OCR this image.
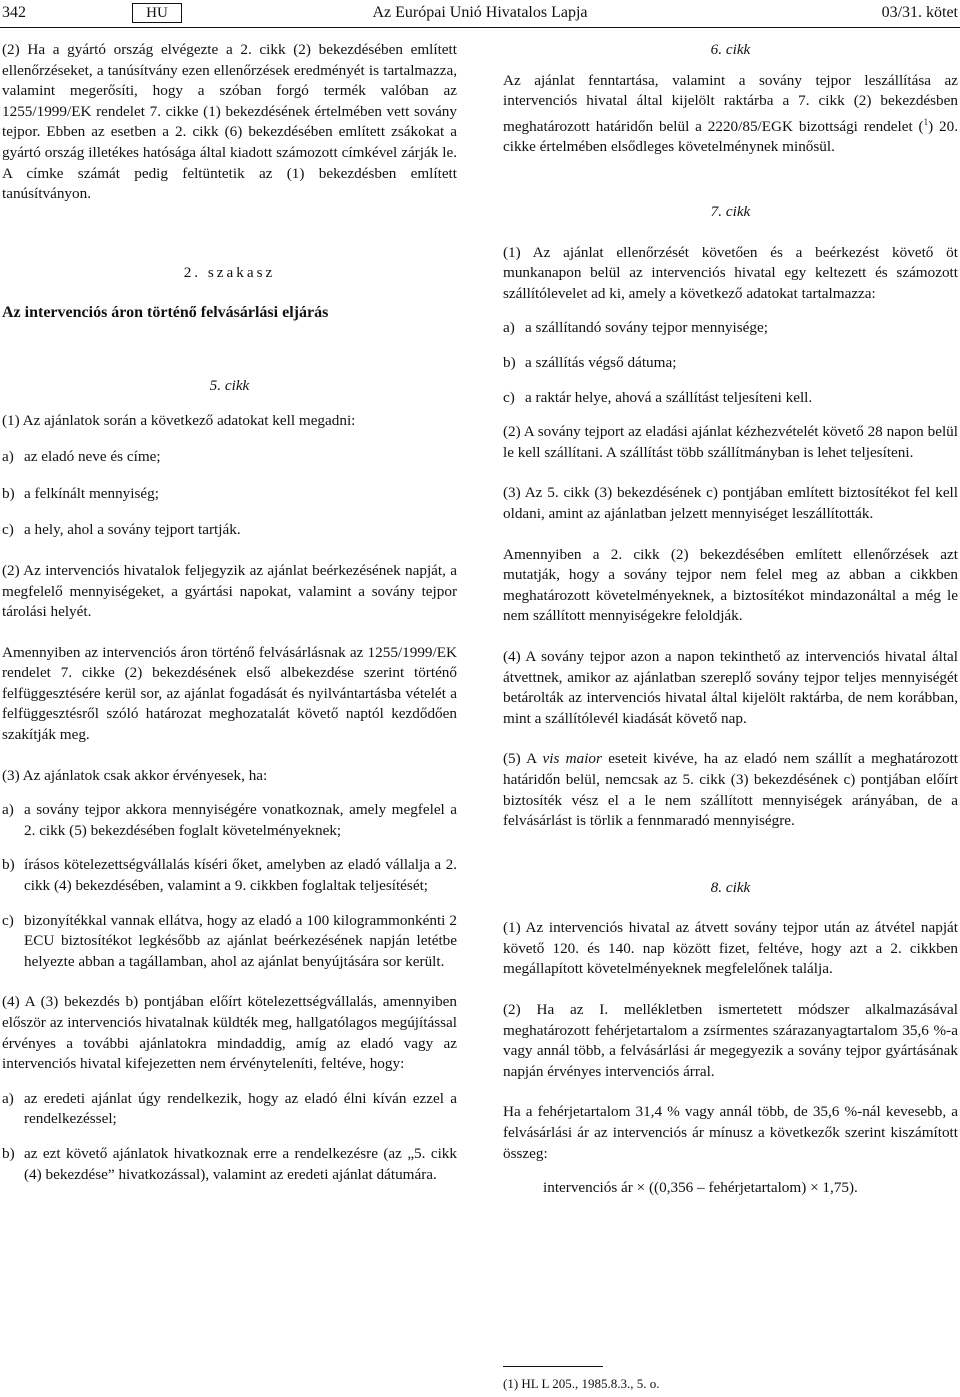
342	HU	Az Európai Unió Hivatalos Lapja	03/31. kötet

(2) Ha a gyártó ország elvégezte a 2. cikk (2) bekezdésében említett ellenőrzéseket, a tanúsítvány ezen ellenőrzések eredményét is tartalmazza, valamint megerősíti, hogy a szóban forgó termék valóban az 1255/1999/EK rendelet 7. cikke (1) bekezdésének értelmében vett sovány tejpor. Ebben az esetben a 2. cikk (6) bekezdésében említett zsákokat a gyártó ország illetékes hatósága által kiadott számozott címkével zárják le. A címke számát pedig feltüntetik az (1) bekezdésben említett tanúsítványon.

2. szakasz

Az intervenciós áron történő felvásárlási eljárás

5. cikk

(1) Az ajánlatok során a következő adatokat kell megadni:

a) az eladó neve és címe;
b) a felkínált mennyiség;
c) a hely, ahol a sovány tejport tartják.

(2) Az intervenciós hivatalok feljegyzik az ajánlat beérkezésének napját, a megfelelő mennyiségeket, a gyártási napokat, valamint a sovány tejpor tárolási helyét.

Amennyiben az intervenciós áron történő felvásárlásnak az 1255/1999/EK rendelet 7. cikke (2) bekezdésének első albekezdése szerint történő felfüggesztésére kerül sor, az ajánlat fogadását és nyilvántartásba vételét a felfüggesztésről szóló határozat meghozatalát követő naptól kezdődően szakítják meg.

(3) Az ajánlatok csak akkor érvényesek, ha:

a) a sovány tejpor akkora mennyiségére vonatkoznak, amely megfelel a 2. cikk (5) bekezdésében foglalt követelményeknek;
b) írásos kötelezettségvállalás kíséri őket, amelyben az eladó vállalja a 2. cikk (4) bekezdésében, valamint a 9. cikkben foglaltak teljesítését;
c) bizonyítékkal vannak ellátva, hogy az eladó a 100 kilogrammonkénti 2 ECU biztosítékot legkésőbb az ajánlat beérkezésének napján letétbe helyezte abban a tagállamban, ahol az ajánlat benyújtására sor került.

(4) A (3) bekezdés b) pontjában előírt kötelezettségvállalás, amennyiben először az intervenciós hivatalnak küldték meg, hallgatólagos megújítással érvényes a további ajánlatokra mindaddig, amíg az eladó vagy az intervenciós hivatal kifejezetten nem érvényteleníti, feltéve, hogy:

a) az eredeti ajánlat úgy rendelkezik, hogy az eladó élni kíván ezzel a rendelkezéssel;
b) az ezt követő ajánlatok hivatkoznak erre a rendelkezésre (az „5. cikk (4) bekezdése” hivatkozással), valamint az eredeti ajánlat dátumára.

6. cikk

Az ajánlat fenntartása, valamint a sovány tejpor leszállítása az intervenciós hivatal által kijelölt raktárba a 7. cikk (2) bekezdésben meghatározott határidőn belül a 2220/85/EGK bizottsági rendelet ($^1$) 20. cikke értelmében elsődleges követelménynek minősül.

7. cikk

(1) Az ajánlat ellenőrzését követően és a beérkezést követő öt munkanapon belül az intervenciós hivatal egy keltezett és számozott szállítólevelet ad ki, amely a következő adatokat tartalmazza:

a) a szállítandó sovány tejpor mennyisége;
b) a szállítás végső dátuma;
c) a raktár helye, ahová a szállítást teljesíteni kell.

(2) A sovány tejport az eladási ajánlat kézhezvételét követő 28 napon belül le kell szállítani. A szállítást több szállítmányban is lehet teljesíteni.

(3) Az 5. cikk (3) bekezdésének c) pontjában említett biztosítékot fel kell oldani, amint az ajánlatban jelzett mennyiséget leszállították.

Amennyiben a 2. cikk (2) bekezdésében említett ellenőrzések azt mutatják, hogy a sovány tejpor nem felel meg az abban a cikkben meghatározott követelményeknek, a biztosítékot mindazonáltal a még le nem szállított mennyiségekre feloldják.

(4) A sovány tejpor azon a napon tekinthető az intervenciós hivatal által átvettnek, amikor az ajánlatban szereplő sovány tejpor teljes mennyiségét betárolták az intervenciós hivatal által kijelölt raktárba, de nem korábban, mint a szállítólevél kiadását követő nap.

(5) A vis maior eseteit kivéve, ha az eladó nem szállít a meghatározott határidőn belül, nemcsak az 5. cikk (3) bekezdésének c) pontjában előírt biztosíték vész el a le nem szállított mennyiségek arányában, de a felvásárlást is törlik a fennmaradó mennyiségre.

8. cikk

(1) Az intervenciós hivatal az átvett sovány tejpor után az átvétel napját követő 120. és 140. nap között fizet, feltéve, hogy azt a 2. cikkben megállapított követelményeknek megfelelőnek találja.

(2) Ha az I. mellékletben ismertetett módszer alkalmazásával meghatározott fehérjetartalom a zsírmentes szárazanyagtartalom 35,6 %-a vagy annál több, a felvásárlási ár megegyezik a sovány tejpor gyártásának napján érvényes intervenciós árral.

Ha a fehérjetartalom 31,4 % vagy annál több, de 35,6 %-nál kevesebb, a felvásárlási ár az intervenciós ár mínusz a következők szerint kiszámított összeg:

intervenciós ár × ((0,356 – fehérjetartalom) × 1,75).

(1) HL L 205., 1985.8.3., 5. o.
